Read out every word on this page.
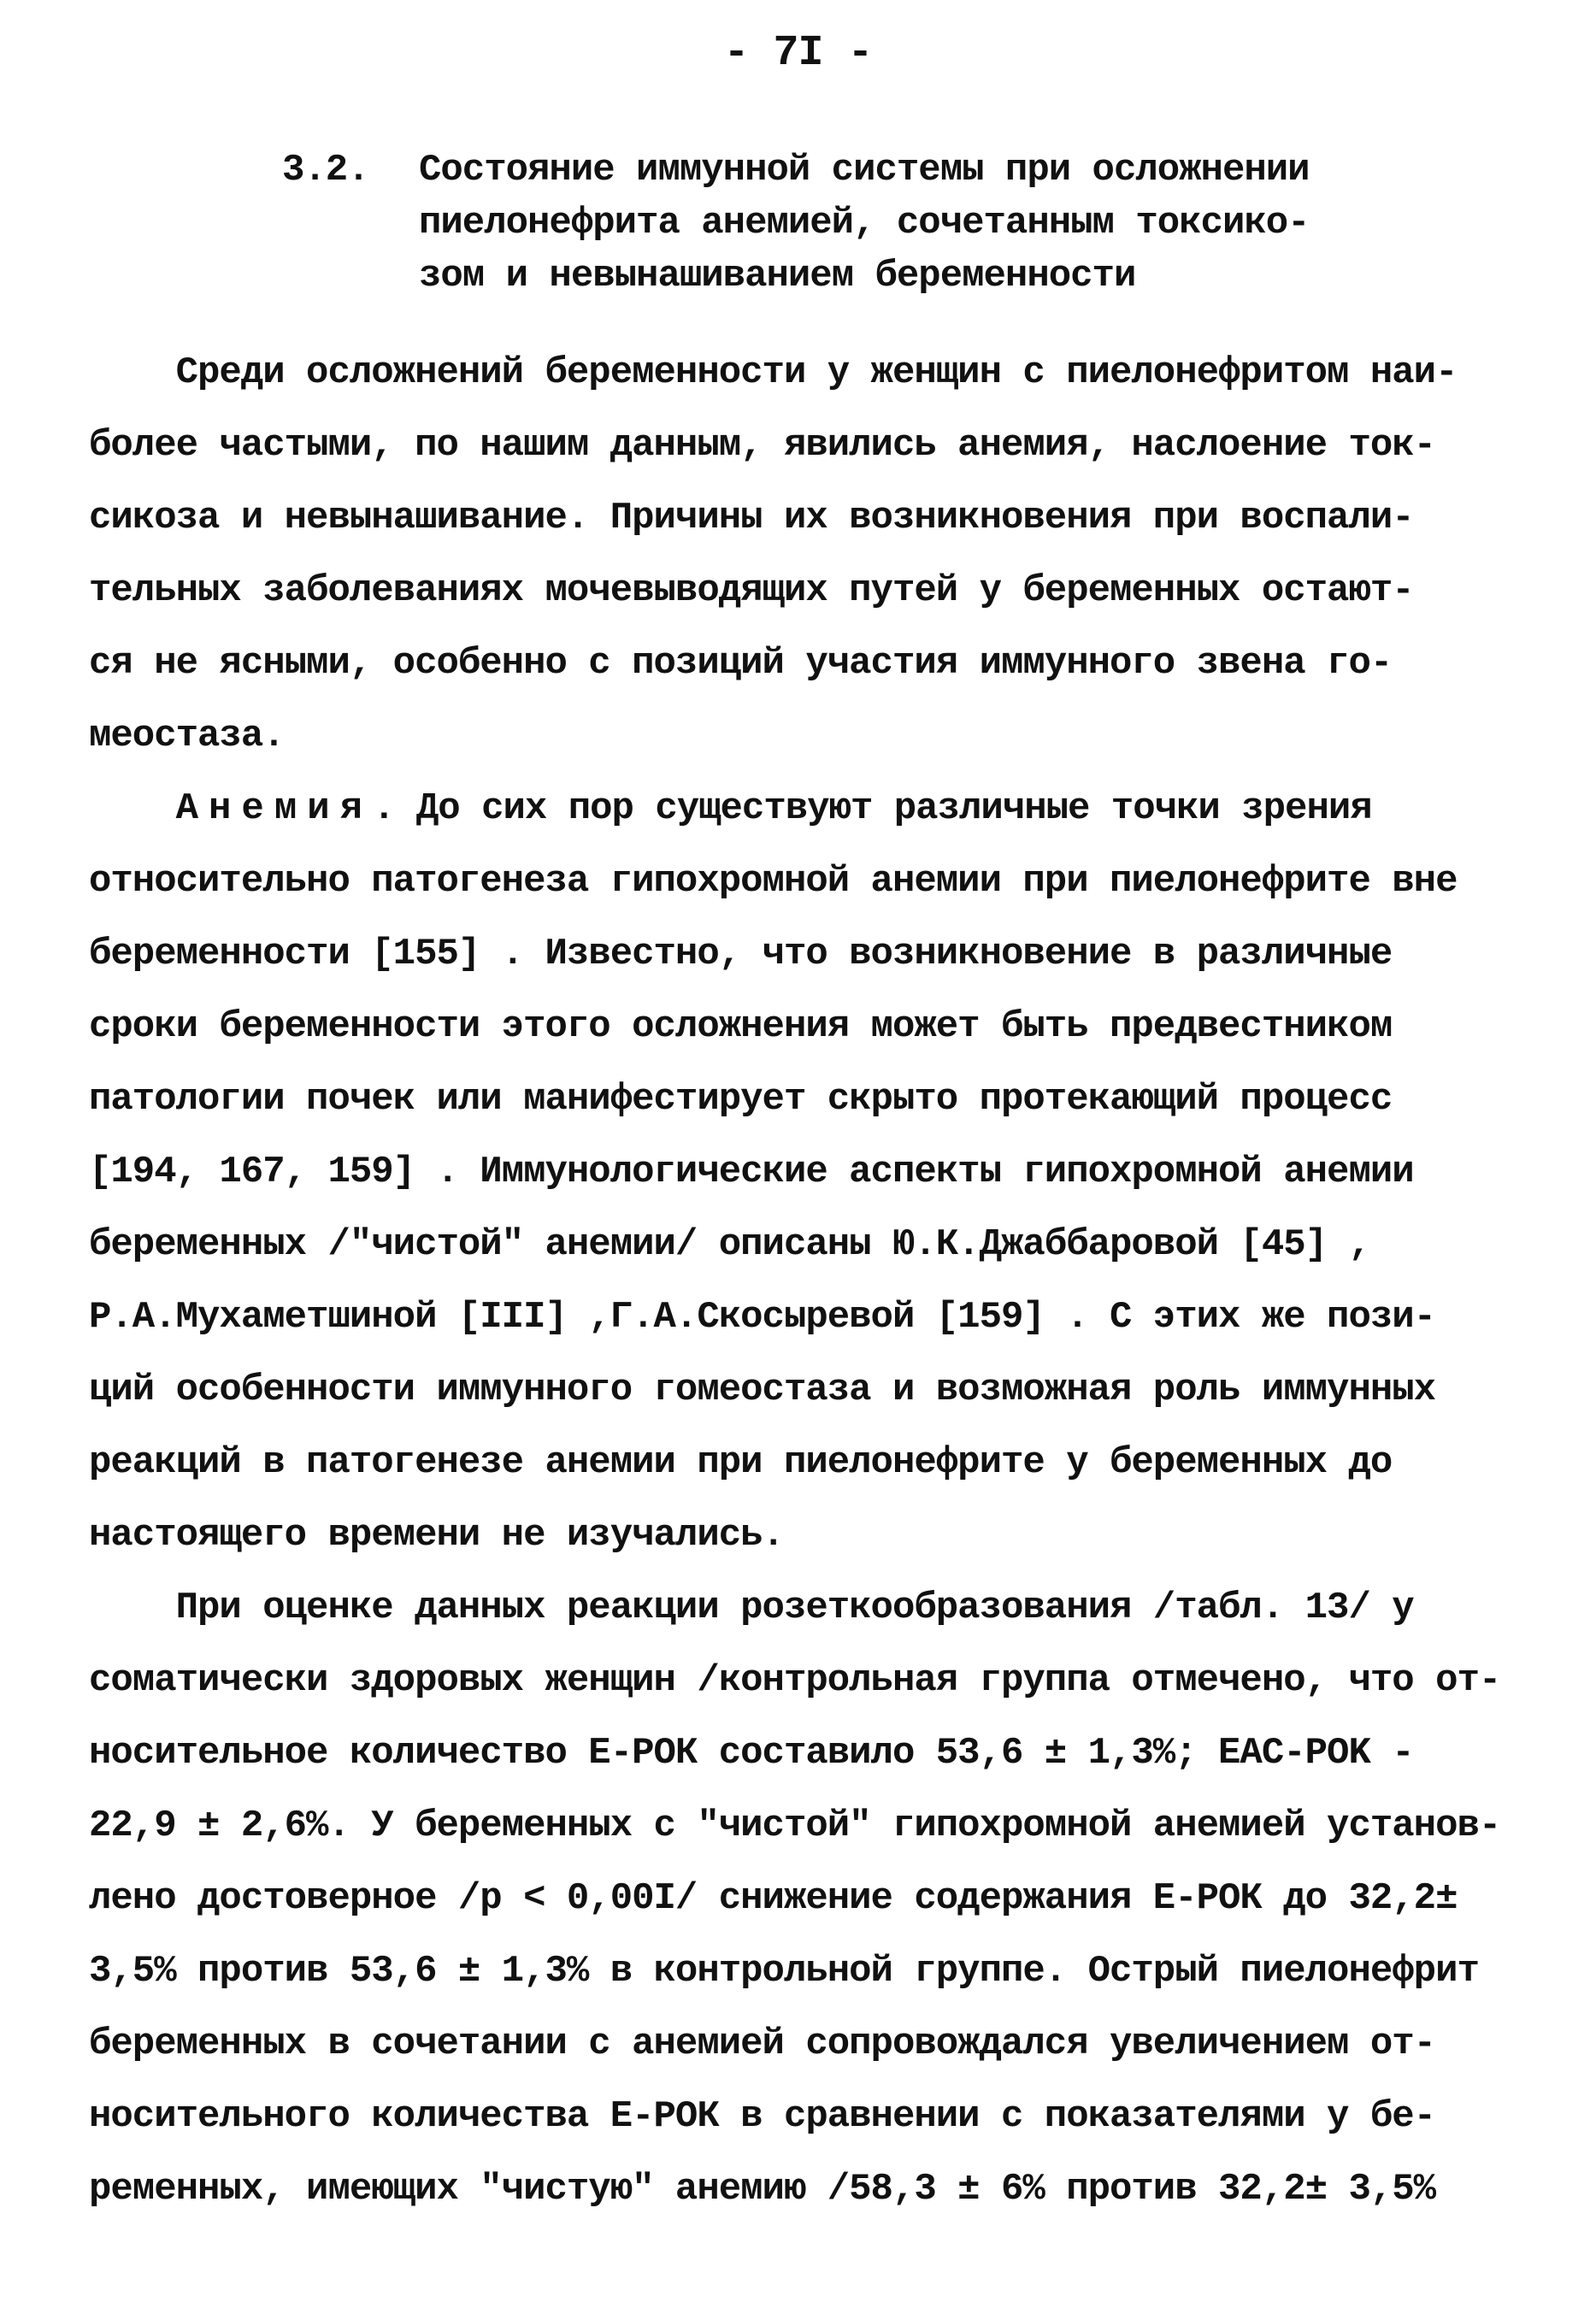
- 7I -
3.2.	Состояние иммунной системы при осложнении
пиелонефрита анемией, сочетанным токсико-
зом и невынашиванием беременности
Среди осложнений беременности у женщин с пиелонефритом наи-
более частыми, по нашим данным, явились анемия, наслоение ток-
сикоза и невынашивание. Причины их возникновения при воспали-
тельных заболеваниях мочевыводящих путей у беременных остают-
ся не ясными, особенно с позиций участия иммунного звена го-
меостаза.
Анемия. До сих пор существуют различные точки зрения
относительно патогенеза гипохромной анемии при пиелонефрите вне
беременности [155] . Известно, что возникновение в различные
сроки беременности этого осложнения может быть предвестником
патологии почек или манифестирует скрыто протекающий процесс
[194, 167, 159] . Иммунологические аспекты гипохромной анемии
беременных /"чистой" анемии/ описаны Ю.К.Джаббаровой [45] ,
Р.А.Мухаметшиной [III] ,Г.А.Скосыревой [159] . С этих же пози-
ций особенности иммунного гомеостаза и возможная роль иммунных
реакций в патогенезе анемии при пиелонефрите у беременных до
настоящего времени не изучались.
При оценке данных реакции розеткообразования /табл. 13/ у
соматически здоровых женщин /контрольная группа отмечено, что от-
носительное количество Е-РОК составило 53,6 ± 1,3%; EAC-POK -
22,9 ± 2,6%. У беременных с "чистой" гипохромной анемией установ-
лено достоверное /р < 0,00I/ снижение содержания Е-РОК до 32,2±
3,5% против 53,6 ± 1,3% в контрольной группе. Острый пиелонефрит
беременных в сочетании с анемией сопровождался увеличением от-
носительного количества Е-РОК в сравнении с показателями у бе-
ременных, имеющих "чистую" анемию /58,3 ± 6% против 32,2± 3,5%
